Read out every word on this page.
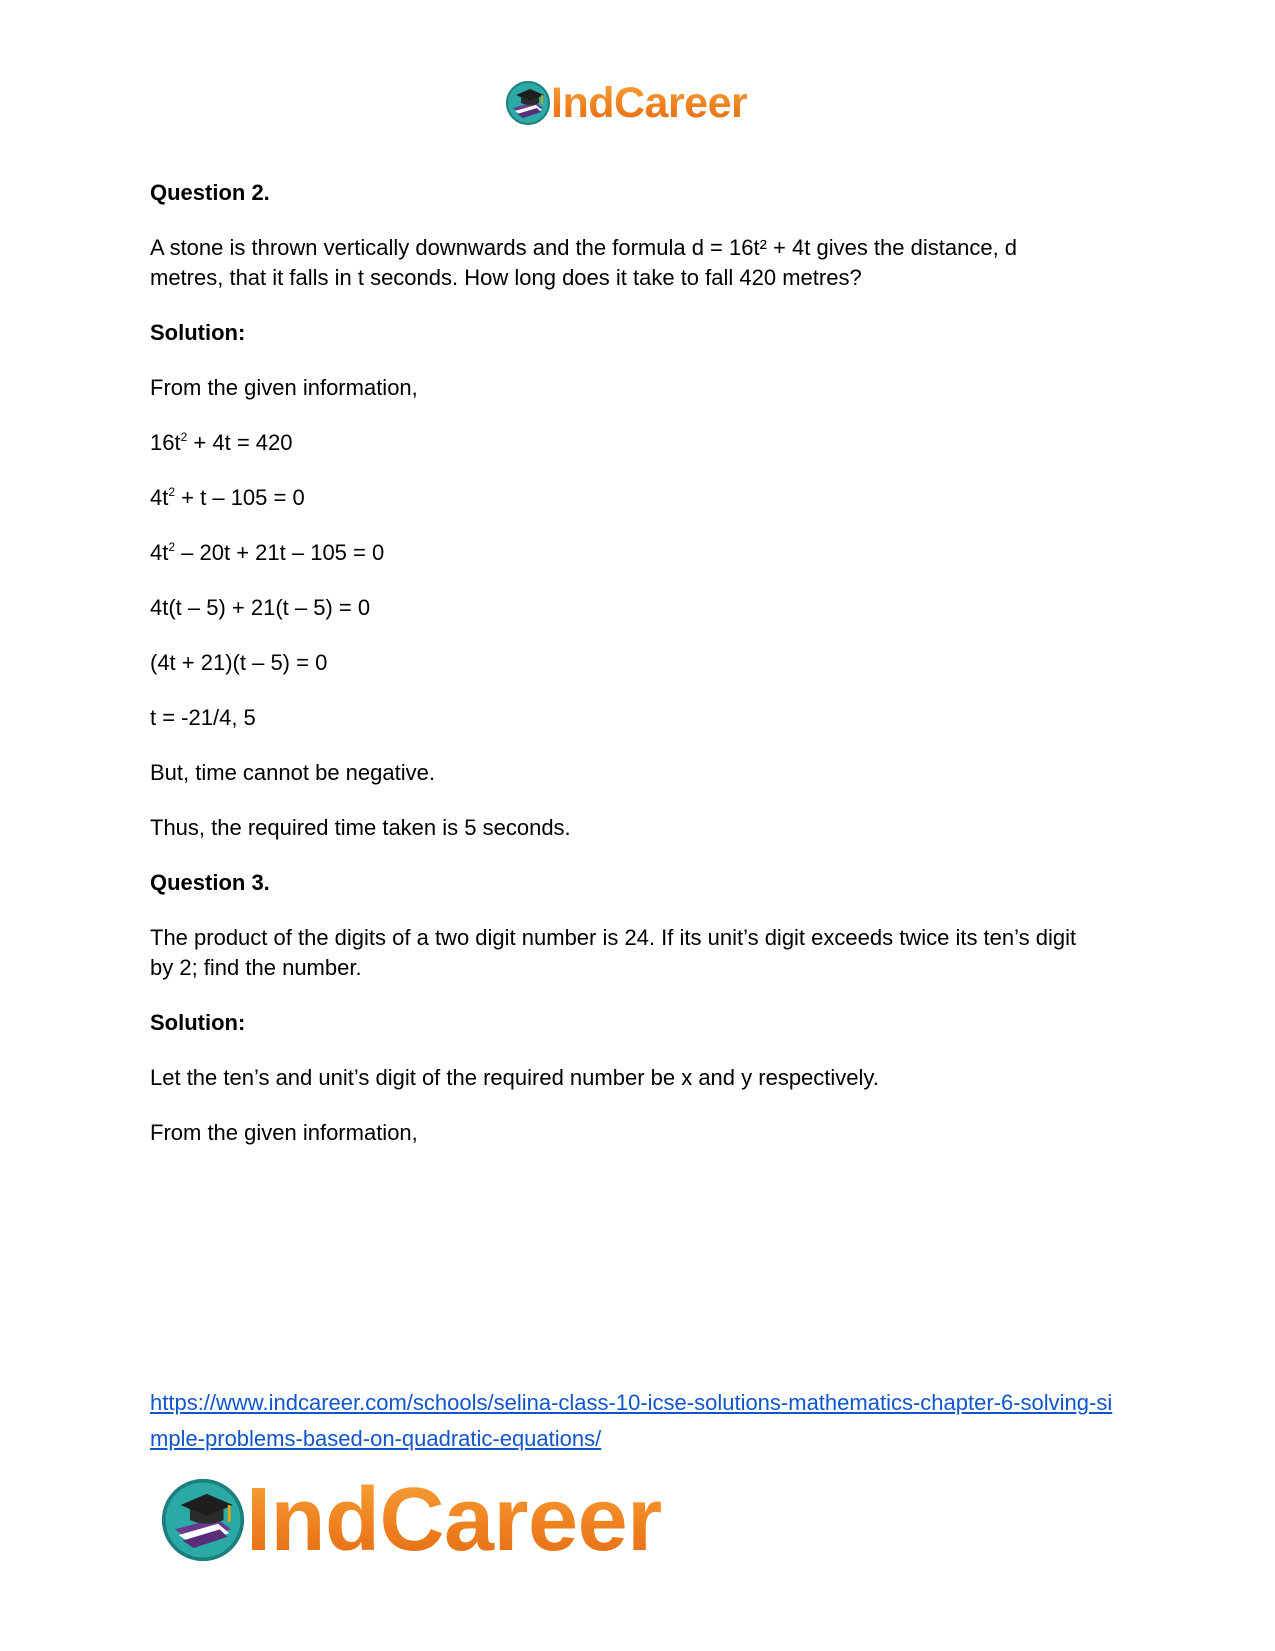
IndCareer
Question 2.
A stone is thrown vertically downwards and the formula d = 16t² + 4t gives the distance, d
metres, that it falls in t seconds. How long does it take to fall 420 metres?
Solution:
From the given information,
$16t^2 + 4t = 420$
$4t^2 + t - 105 = 0$
$4t^2 - 20t + 21t - 105 = 0$
4t(t – 5) + 21(t – 5) = 0
(4t + 21)(t – 5) = 0
t = -21/4, 5
But, time cannot be negative.
Thus, the required time taken is 5 seconds.
Question 3.
The product of the digits of a two digit number is 24. If its unit’s digit exceeds twice its ten’s digit
by 2; find the number.
Solution:
Let the ten’s and unit’s digit of the required number be x and y respectively.
From the given information,
https://www.indcareer.com/schools/selina-class-10-icse-solutions-mathematics-chapter-6-solving-simple-problems-based-on-quadratic-equations/
IndCareer
